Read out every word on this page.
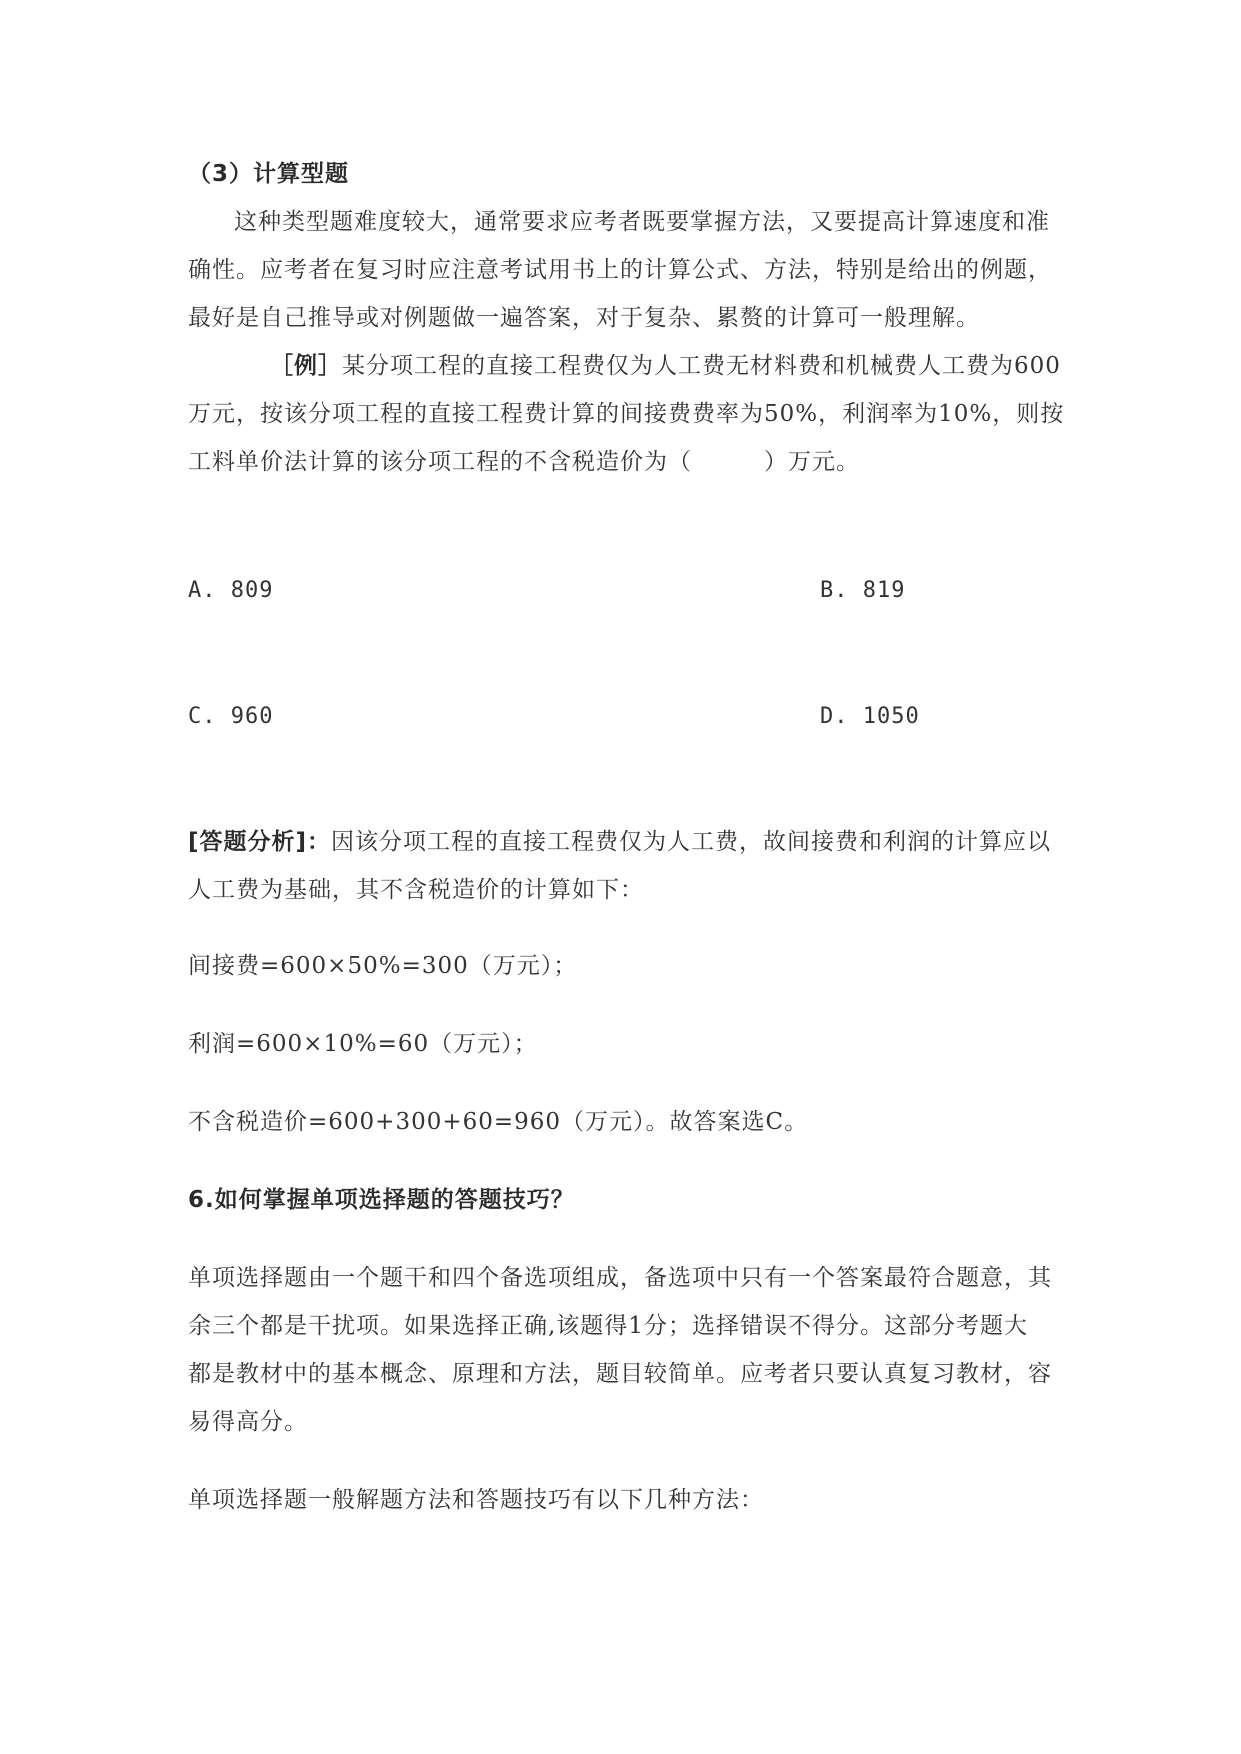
（3）计算型题
这种类型题难度较大，通常要求应考者既要掌握方法，又要提高计算速度和准
确性。应考者在复习时应注意考试用书上的计算公式、方法，特别是给出的例题，
最好是自己推导或对例题做一遍答案，对于复杂、累赘的计算可一般理解。
［例］某分项工程的直接工程费仅为人工费无材料费和机械费人工费为600
万元，按该分项工程的直接工程费计算的间接费费率为50%，利润率为10%，则按
工料单价法计算的该分项工程的不含税造价为（　　　）万元。
A. 809	B. 819
C. 960	D. 1050
[答题分析]：因该分项工程的直接工程费仅为人工费，故间接费和利润的计算应以
人工费为基础，其不含税造价的计算如下：
间接费=600×50%=300（万元）；
利润=600×10%=60（万元）；
不含税造价=600+300+60=960（万元）。故答案选C。
6.如何掌握单项选择题的答题技巧？
单项选择题由一个题干和四个备选项组成，备选项中只有一个答案最符合题意，其
余三个都是干扰项。如果选择正确,该题得1分；选择错误不得分。这部分考题大
都是教材中的基本概念、原理和方法，题目较简单。应考者只要认真复习教材，容
易得高分。
单项选择题一般解题方法和答题技巧有以下几种方法：
